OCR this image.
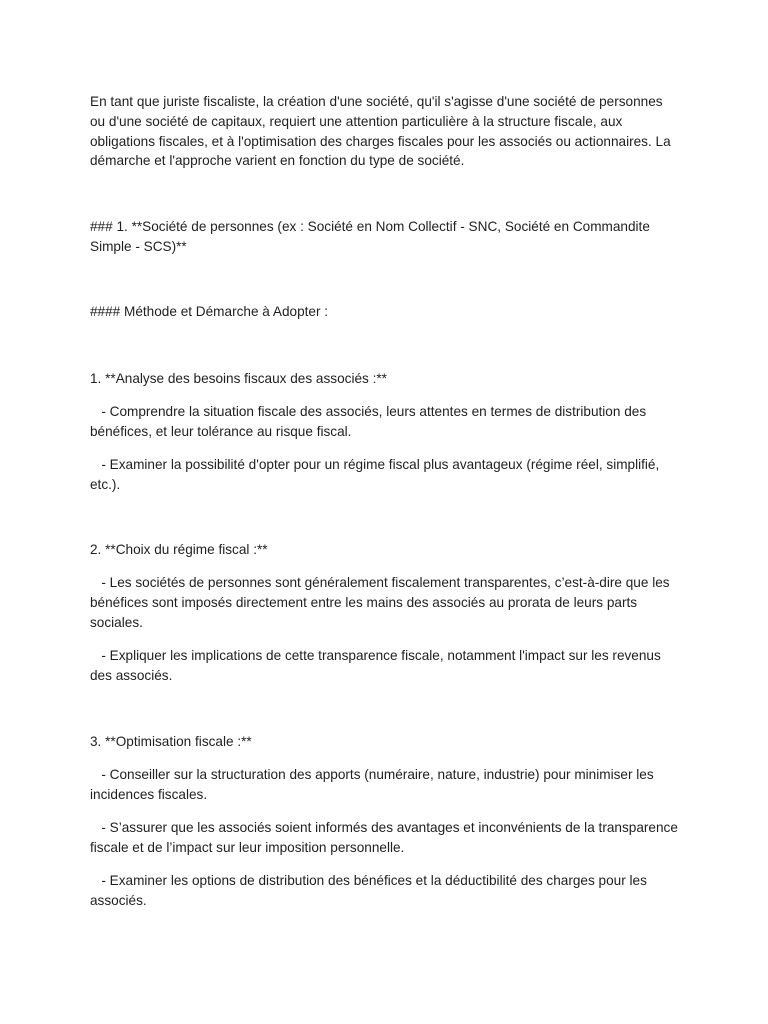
En tant que juriste fiscaliste, la création d'une société, qu'il s'agisse d'une société de personnes ou d'une société de capitaux, requiert une attention particulière à la structure fiscale, aux obligations fiscales, et à l'optimisation des charges fiscales pour les associés ou actionnaires. La démarche et l'approche varient en fonction du type de société.

### 1. **Société de personnes (ex : Société en Nom Collectif - SNC, Société en Commandite Simple - SCS)**

#### Méthode et Démarche à Adopter :

1. **Analyse des besoins fiscaux des associés :**

- Comprendre la situation fiscale des associés, leurs attentes en termes de distribution des bénéfices, et leur tolérance au risque fiscal.

- Examiner la possibilité d'opter pour un régime fiscal plus avantageux (régime réel, simplifié, etc.).

2. **Choix du régime fiscal :**

- Les sociétés de personnes sont généralement fiscalement transparentes, c’est-à-dire que les bénéfices sont imposés directement entre les mains des associés au prorata de leurs parts sociales.

- Expliquer les implications de cette transparence fiscale, notamment l'impact sur les revenus des associés.

3. **Optimisation fiscale :**

- Conseiller sur la structuration des apports (numéraire, nature, industrie) pour minimiser les incidences fiscales.

- S’assurer que les associés soient informés des avantages et inconvénients de la transparence fiscale et de l’impact sur leur imposition personnelle.

- Examiner les options de distribution des bénéfices et la déductibilité des charges pour les associés.
